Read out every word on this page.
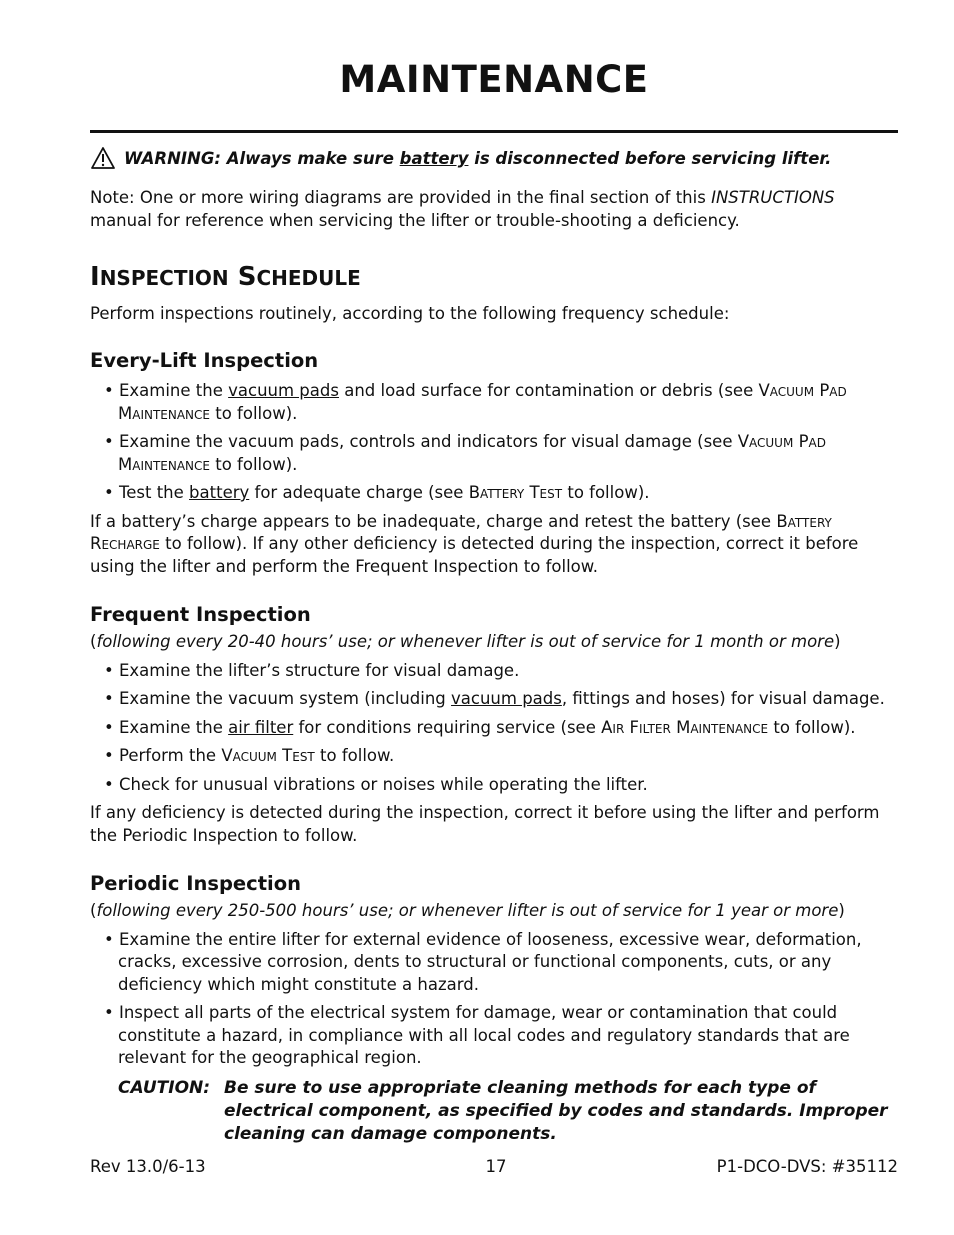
MAINTENANCE
WARNING: Always make sure battery is disconnected before servicing lifter.
Note: One or more wiring diagrams are provided in the final section of this INSTRUCTIONS manual for reference when servicing the lifter or trouble-shooting a deficiency.
INSPECTION SCHEDULE
Perform inspections routinely, according to the following frequency schedule:
Every-Lift Inspection

• Examine the vacuum pads and load surface for contamination or debris (see Vacuum Pad Maintenance to follow).

• Examine the vacuum pads, controls and indicators for visual damage (see Vacuum Pad Maintenance to follow).

• Test the battery for adequate charge (see Battery Test to follow).

If a battery’s charge appears to be inadequate, charge and retest the battery (see Battery Recharge to follow). If any other deficiency is detected during the inspection, correct it before using the lifter and perform the Frequent Inspection to follow.

Frequent Inspection

(following every 20-40 hours’ use; or whenever lifter is out of service for 1 month or more)

• Examine the lifter’s structure for visual damage.

• Examine the vacuum system (including vacuum pads, fittings and hoses) for visual damage.

• Examine the air filter for conditions requiring service (see Air Filter Maintenance to follow).

• Perform the Vacuum Test to follow.

• Check for unusual vibrations or noises while operating the lifter.

If any deficiency is detected during the inspection, correct it before using the lifter and perform the Periodic Inspection to follow.

Periodic Inspection

(following every 250-500 hours’ use; or whenever lifter is out of service for 1 year or more)

• Examine the entire lifter for external evidence of looseness, excessive wear, deformation, cracks, excessive corrosion, dents to structural or functional components, cuts, or any deficiency which might constitute a hazard.

• Inspect all parts of the electrical system for damage, wear or contamination that could constitute a hazard, in compliance with all local codes and regulatory standards that are relevant for the geographical region.

CAUTION: Be sure to use appropriate cleaning methods for each type of electrical component, as specified by codes and standards. Improper cleaning can damage components.
Rev 13.0/6-13	17	P1-DCO-DVS: #35112
